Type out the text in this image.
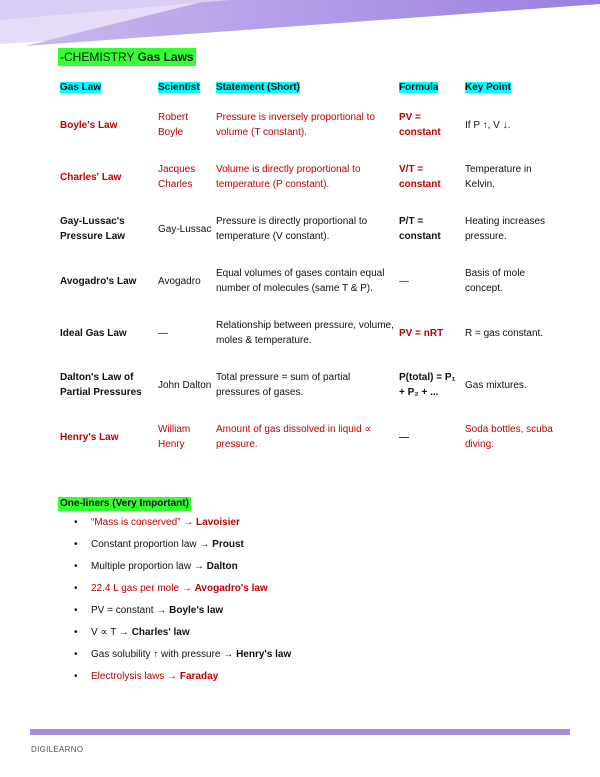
-CHEMISTRY Gas Laws
Gas Law	Scientist	Statement (Short)	Formula	Key Point
Boyle's Law	Robert Boyle	Pressure is inversely proportional to volume (T constant).	PV = constant	If P ↑, V ↓.
Charles' Law	Jacques Charles	Volume is directly proportional to temperature (P constant).	V/T = constant	Temperature in Kelvin.
Gay-Lussac's Pressure Law	Gay-Lussac	Pressure is directly proportional to temperature (V constant).	P/T = constant	Heating increases pressure.
Avogadro's Law	Avogadro	Equal volumes of gases contain equal number of molecules (same T & P).	—	Basis of mole concept.
Ideal Gas Law	—	Relationship between pressure, volume, moles & temperature.	PV = nRT	R = gas constant.
Dalton's Law of Partial Pressures	John Dalton	Total pressure = sum of partial pressures of gases.	P(total) = P₁ + P₂ + ...	Gas mixtures.
Henry's Law	William Henry	Amount of gas dissolved in liquid ∝ pressure.	—	Soda bottles, scuba diving.
One-liners (Very Important)
• “Mass is conserved” → Lavoisier
• Constant proportion law → Proust
• Multiple proportion law → Dalton
• 22.4 L gas per mole → Avogadro's law
• PV = constant → Boyle's law
• V ∝ T → Charles' law
• Gas solubility ↑ with pressure → Henry's law
• Electrolysis laws → Faraday
DIGILEARNO
